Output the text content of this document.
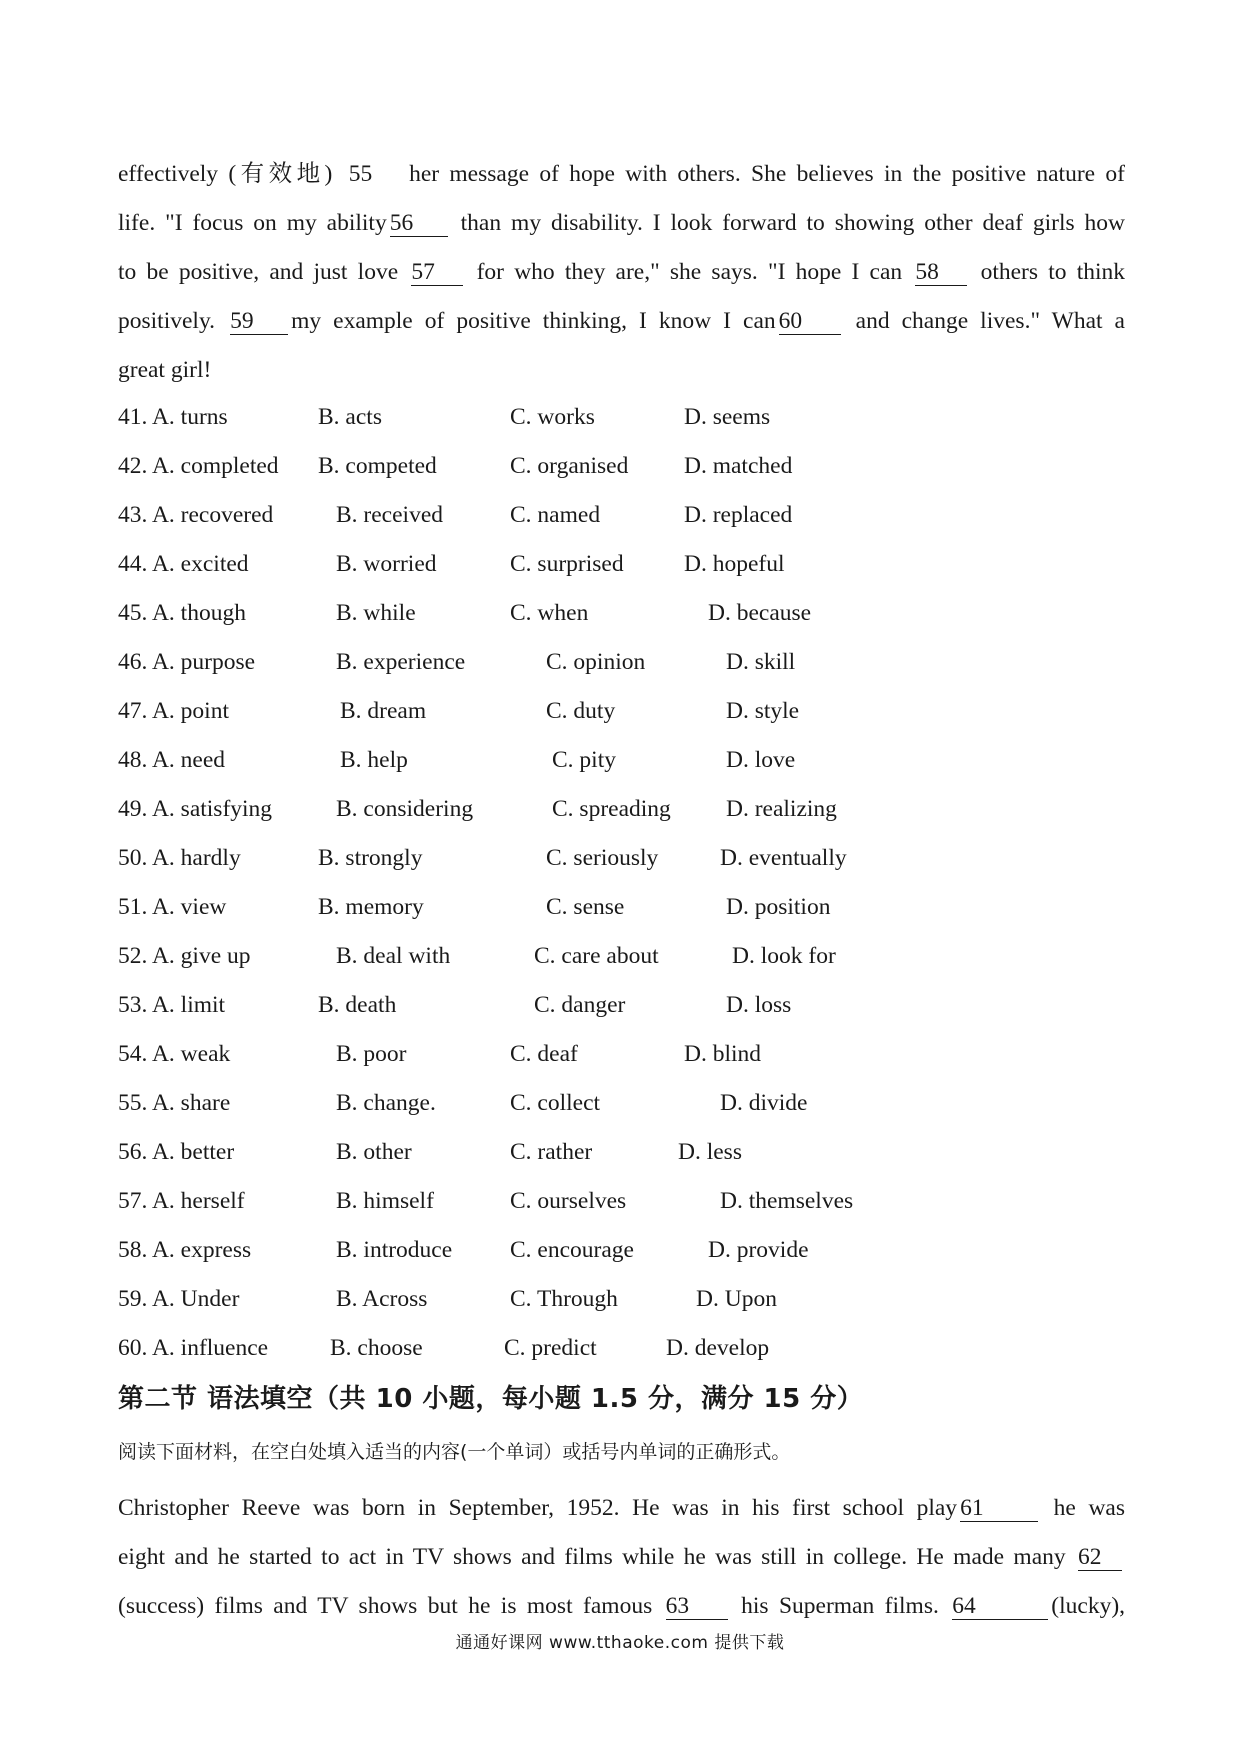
effectively (有效地) 55 her message of hope with others. She believes in the positive nature of
life. "I focus on my ability 56 than my disability. I look forward to showing other deaf girls how
to be positive, and just love 57 for who they are," she says. "I hope I can 58 others to think
positively. 59 my example of positive thinking, I know I can 60 and change lives." What a
great girl!
41. A. turns	B. acts	C. works	D. seems
42. A. completed B. competed	C. organised D. matched
43. A. recovered	B. received	C. named	D. replaced
44. A. excited	B. worried	C. surprised	D. hopeful
45. A. though	B. while	C. when	D. because
46. A. purpose	B. experience	C. opinion	D. skill
47. A. point	B. dream	C. duty	D. style
48. A. need	B. help	C. pity	D. love
49. A. satisfying	B. considering	C. spreading D. realizing
50. A. hardly	B. strongly	C. seriously	D. eventually
51. A. view	B. memory	C. sense	D. position
52. A. give up	B. deal with	C. care about	D. look for
53. A. limit	B. death	C. danger	D. loss
54. A. weak	B. poor	C. deaf	D. blind
55. A. share	B. change.	C. collect	D. divide
56. A. better	B. other	C. rather	D. less
57. A. herself	B. himself	C. ourselves	D. themselves
58. A. express	B. introduce C. encourage	D. provide
59. A. Under	B. Across	C. Through	D. Upon
60. A. influence	B. choose	C. predict	D. develop
第二节 语法填空（共 10 小题，每小题 1.5 分，满分 15 分）
阅读下面材料，在空白处填入适当的内容(一个单词）或括号内单词的正确形式。
Christopher Reeve was born in September, 1952. He was in his first school play 61	he was
eight and he started to act in TV shows and films while he was still in college. He made many 62
(success) films and TV shows but he is most famous 63 his Superman films. 64	(lucky),
通通好课网 www.tthaoke.com 提供下载
